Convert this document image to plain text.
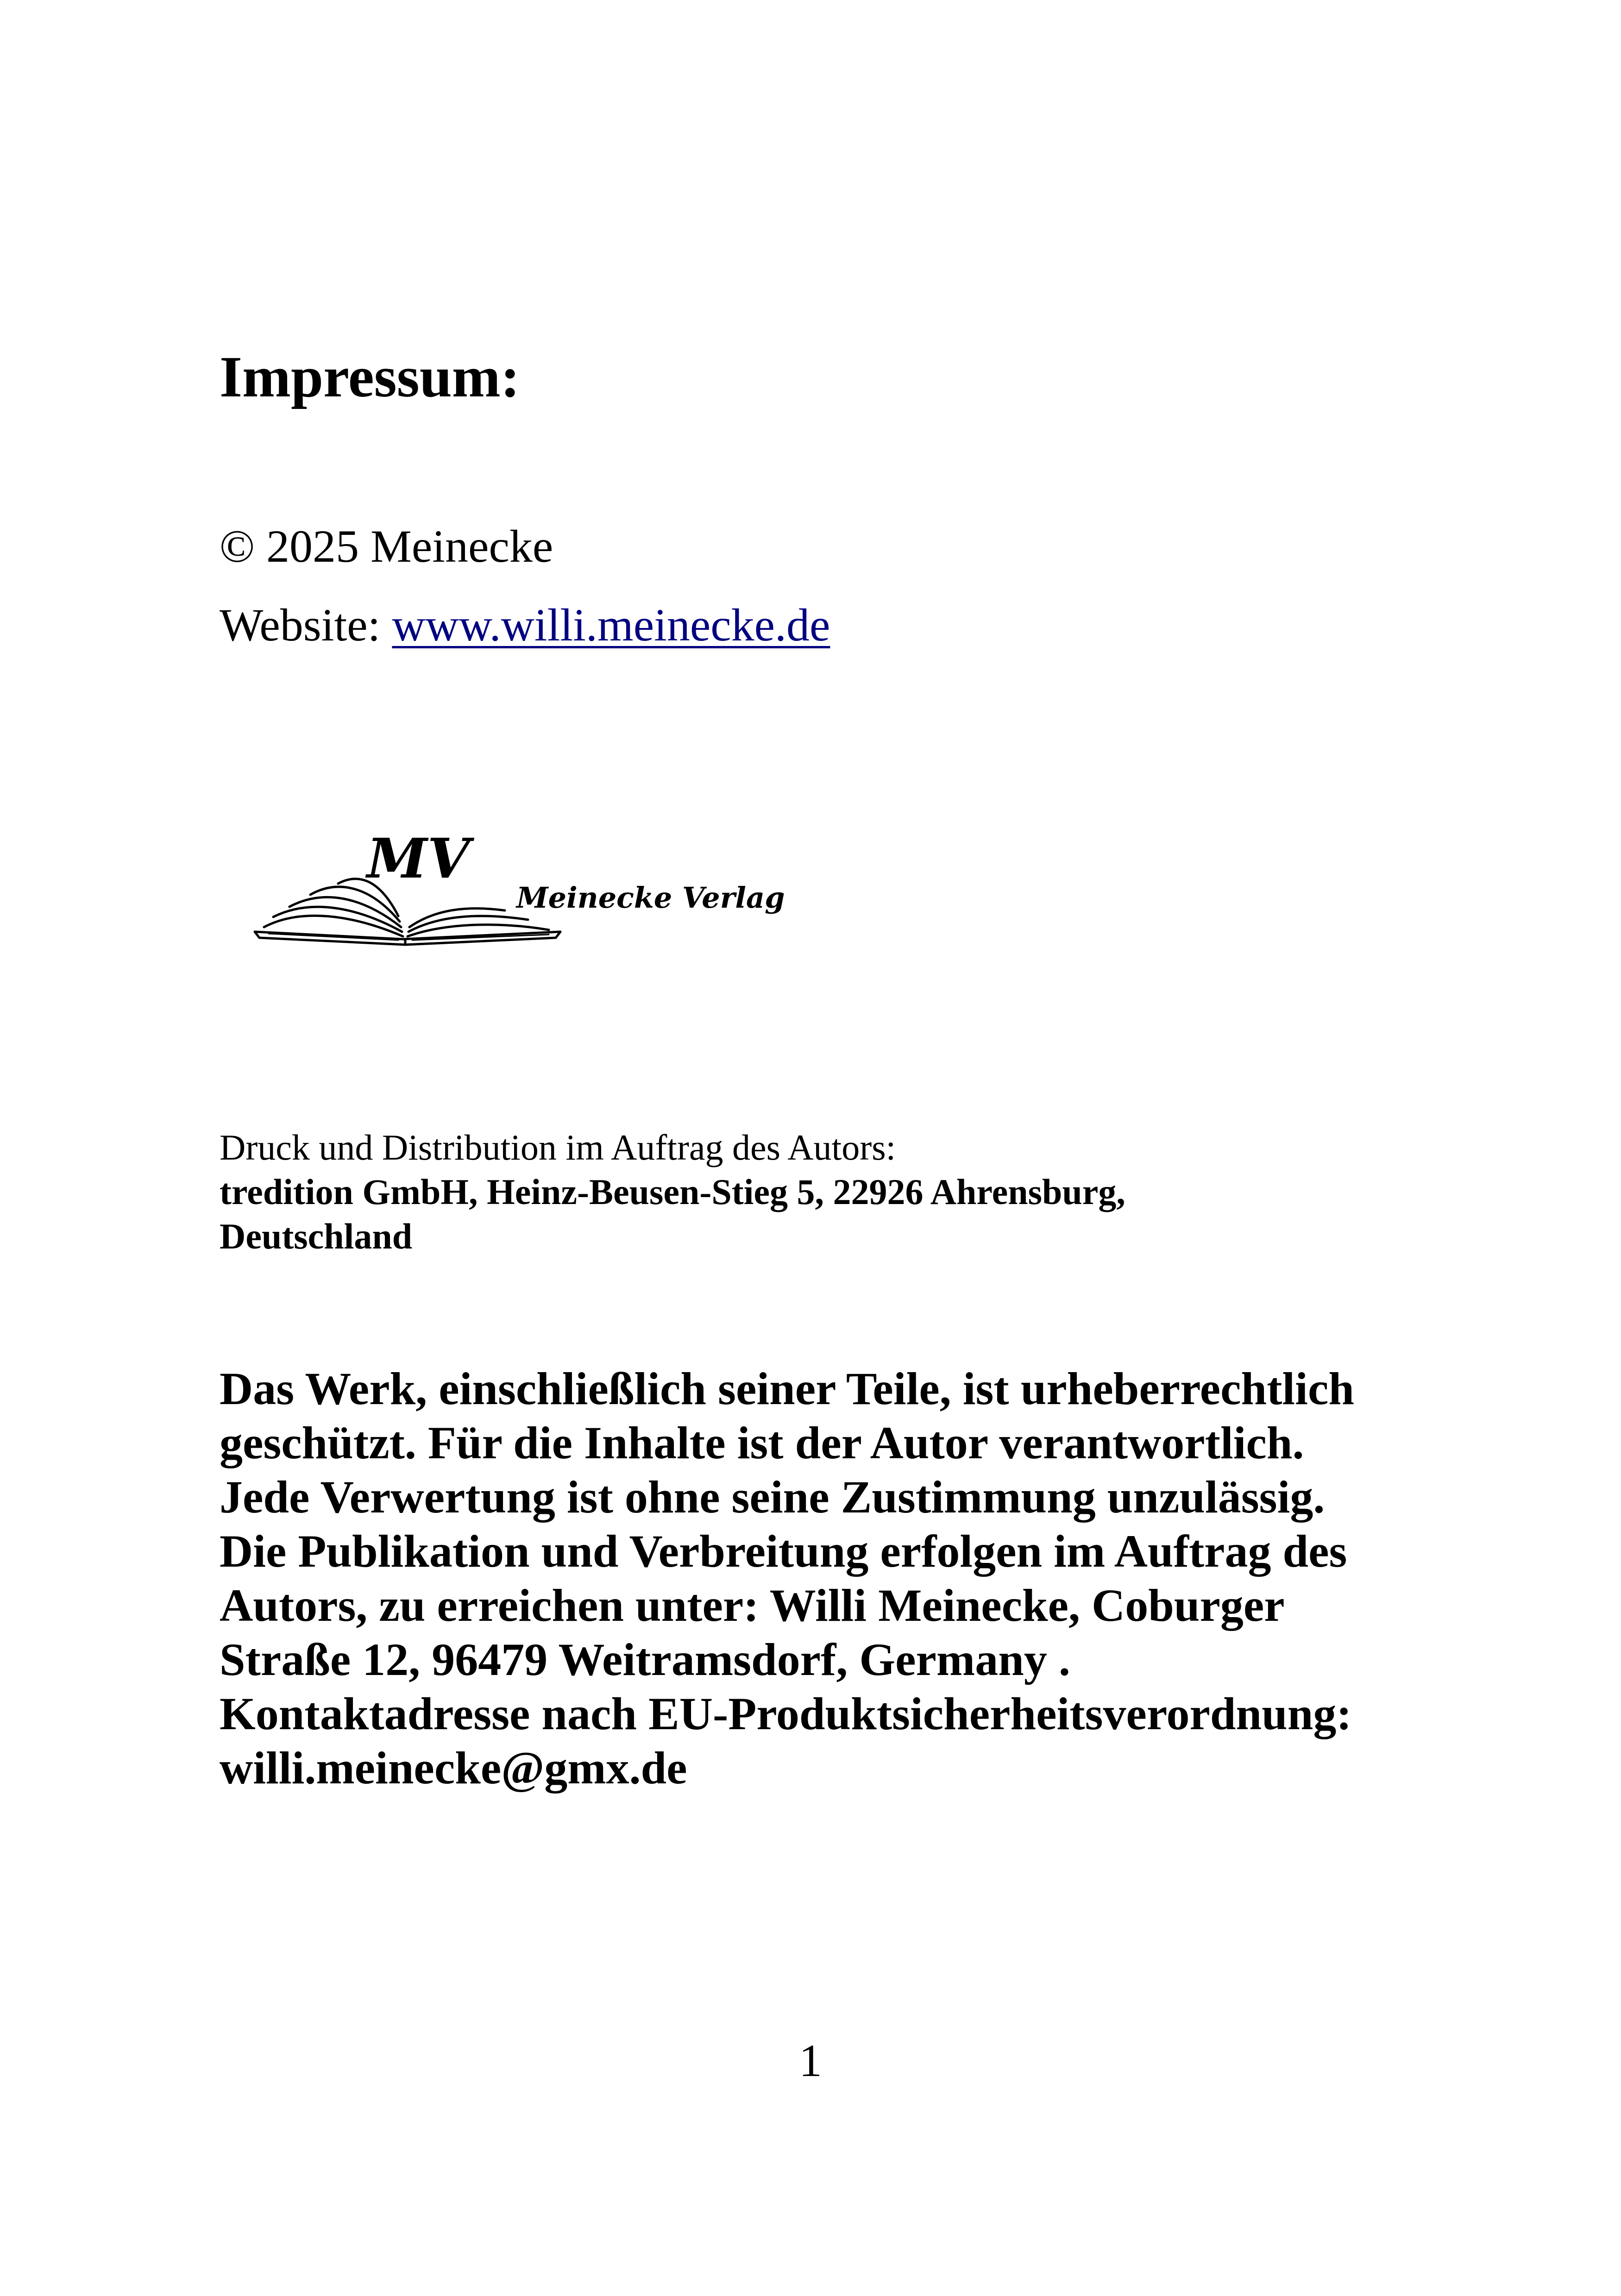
Impressum:
© 2025 Meinecke
Website: www.willi.meinecke.de
MV
Meinecke Verlag
Druck und Distribution im Auftrag des Autors:
tredition GmbH, Heinz-Beusen-Stieg 5, 22926 Ahrensburg,
Deutschland
Das Werk, einschließlich seiner Teile, ist urheberrechtlich
geschützt. Für die Inhalte ist der Autor verantwortlich.
Jede Verwertung ist ohne seine Zustimmung unzulässig.
Die Publikation und Verbreitung erfolgen im Auftrag des
Autors, zu erreichen unter: Willi Meinecke, Coburger
Straße 12, 96479 Weitramsdorf, Germany .
Kontaktadresse nach EU-Produktsicherheitsverordnung:
willi.meinecke@gmx.de
1
